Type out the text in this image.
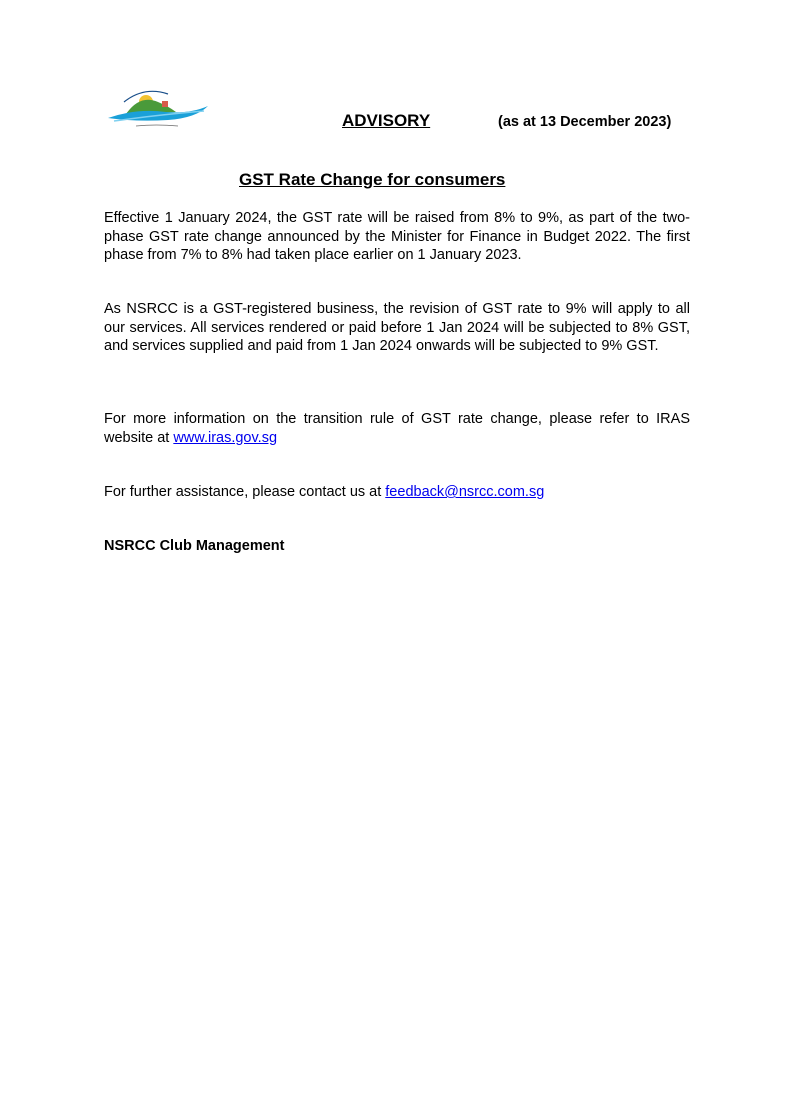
ADVISORY	(as at 13 December 2023)
GST Rate Change for consumers
Effective 1 January 2024, the GST rate will be raised from 8% to 9%, as part of the two-phase GST rate change announced by the Minister for Finance in Budget 2022. The first phase from 7% to 8% had taken place earlier on 1 January 2023.
As NSRCC is a GST-registered business, the revision of GST rate to 9% will apply to all our services. All services rendered or paid before 1 Jan 2024 will be subjected to 8% GST, and services supplied and paid from 1 Jan 2024 onwards will be subjected to 9% GST.
For more information on the transition rule of GST rate change, please refer to IRAS website at www.iras.gov.sg
For further assistance, please contact us at feedback@nsrcc.com.sg
NSRCC Club Management
